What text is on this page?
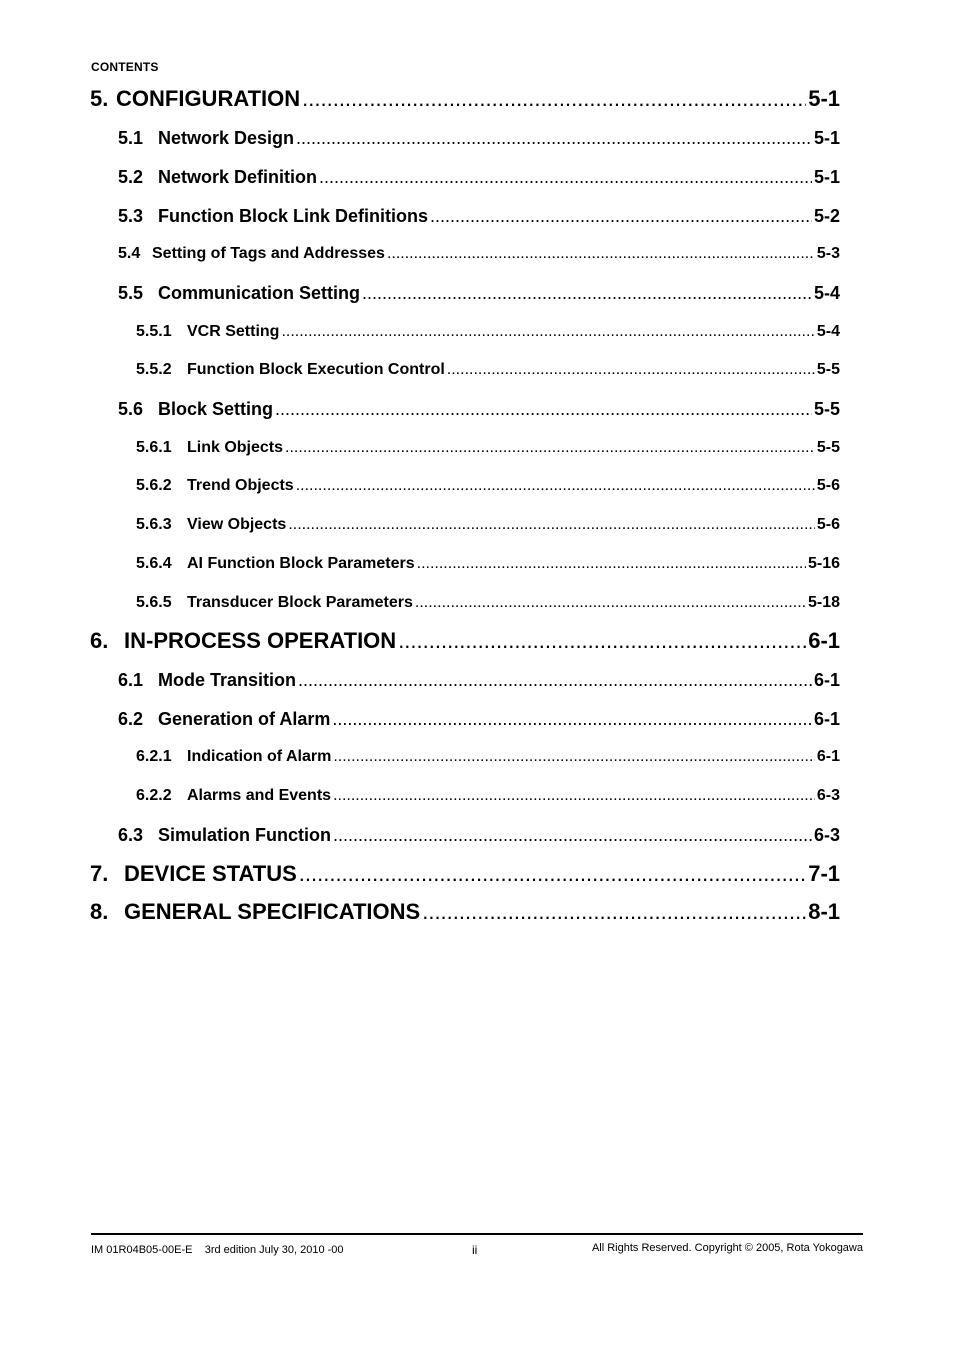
CONTENTS
5. CONFIGURATION .....	5-1
5.1 Network Design .....	5-1
5.2 Network Definition .....	5-1
5.3 Function Block Link Definitions .....	5-2
5.4 Setting of Tags and Addresses .....	5-3
5.5 Communication Setting .....	5-4
5.5.1 VCR Setting .....	5-4
5.5.2 Function Block Execution Control .....	5-5
5.6 Block Setting .....	5-5
5.6.1 Link Objects .....	5-5
5.6.2 Trend Objects .....	5-6
5.6.3 View Objects .....	5-6
5.6.4 AI Function Block Parameters .....	5-16
5.6.5 Transducer Block Parameters .....	5-18
6. IN-PROCESS OPERATION .....	6-1
6.1 Mode Transition .....	6-1
6.2 Generation of Alarm .....	6-1
6.2.1 Indication of Alarm .....	6-1
6.2.2 Alarms and Events .....	6-3
6.3 Simulation Function .....	6-3
7. DEVICE STATUS .....	7-1
8. GENERAL SPECIFICATIONS .....	8-1
IM 01R04B05-00E-E    3rd edition July 30, 2010 -00	ii	All Rights Reserved. Copyright © 2005, Rota Yokogawa
